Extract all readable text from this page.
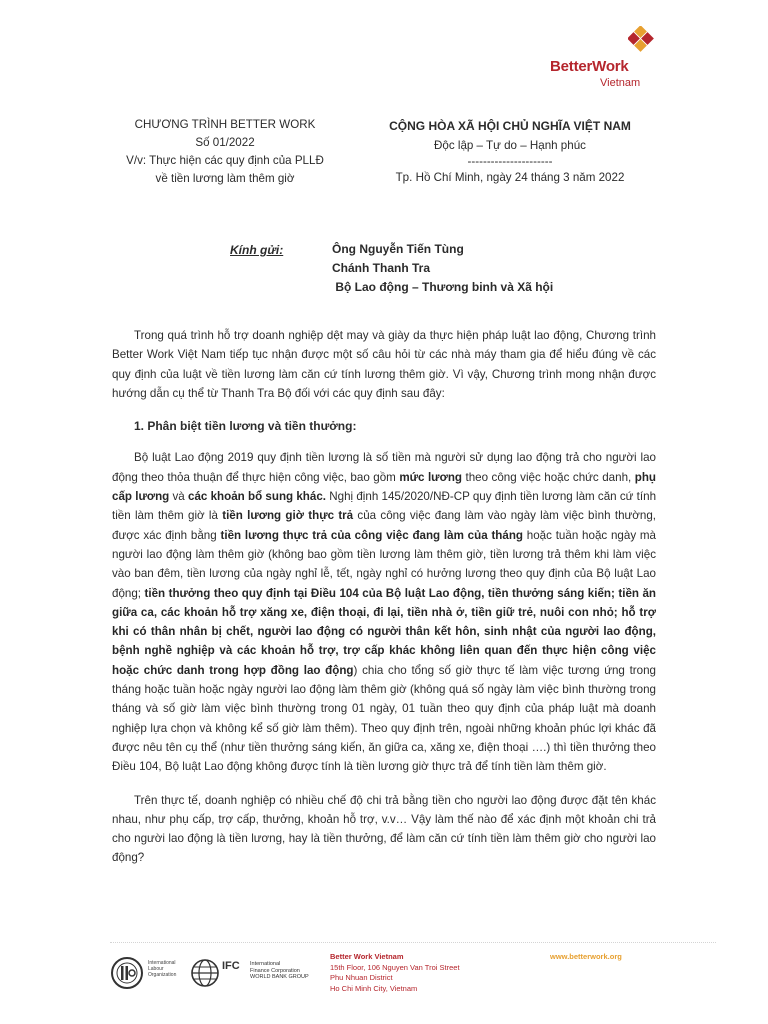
BetterWork
Vietnam
CHƯƠNG TRÌNH BETTER WORK
Số 01/2022
V/v: Thực hiện các quy định của PLLĐ
về tiền lương làm thêm giờ
CỘNG HÒA XÃ HỘI CHỦ NGHĨA VIỆT NAM
Độc lập – Tự do – Hạnh phúc
----------------------
Tp. Hồ Chí Minh, ngày 24 tháng 3 năm 2022
Kính gửi:	Ông Nguyễn Tiến Tùng
Chánh Thanh Tra
Bộ Lao động – Thương binh và Xã hội

Trong quá trình hỗ trợ doanh nghiệp dệt may và giày da thực hiện pháp luật lao động, Chương trình Better Work Việt Nam tiếp tục nhận được một số câu hỏi từ các nhà máy tham gia để hiểu đúng về các quy định của luật về tiền lương làm căn cứ tính lương thêm giờ. Vì vậy, Chương trình mong nhận được hướng dẫn cụ thể từ Thanh Tra Bộ đối với các quy định sau đây:

1. Phân biệt tiền lương và tiền thưởng:

Bộ luật Lao động 2019 quy định tiền lương là số tiền mà người sử dụng lao động trả cho người lao động theo thỏa thuận để thực hiện công việc, bao gồm mức lương theo công việc hoặc chức danh, phụ cấp lương và các khoản bổ sung khác. Nghị định 145/2020/NĐ-CP quy định tiền lương làm căn cứ tính tiền làm thêm giờ là tiền lương giờ thực trả của công việc đang làm vào ngày làm việc bình thường, được xác định bằng tiền lương thực trả của công việc đang làm của tháng hoặc tuần hoặc ngày mà người lao động làm thêm giờ (không bao gồm tiền lương làm thêm giờ, tiền lương trả thêm khi làm việc vào ban đêm, tiền lương của ngày nghỉ lễ, tết, ngày nghỉ có hưởng lương theo quy định của Bộ luật Lao động; tiền thưởng theo quy định tại Điều 104 của Bộ luật Lao động, tiền thưởng sáng kiến; tiền ăn giữa ca, các khoản hỗ trợ xăng xe, điện thoại, đi lại, tiền nhà ở, tiền giữ trẻ, nuôi con nhỏ; hỗ trợ khi có thân nhân bị chết, người lao động có người thân kết hôn, sinh nhật của người lao động, bệnh nghề nghiệp và các khoản hỗ trợ, trợ cấp khác không liên quan đến thực hiện công việc hoặc chức danh trong hợp đồng lao động) chia cho tổng số giờ thực tế làm việc tương ứng trong tháng hoặc tuần hoặc ngày người lao động làm thêm giờ (không quá số ngày làm việc bình thường trong tháng và số giờ làm việc bình thường trong 01 ngày, 01 tuần theo quy định của pháp luật mà doanh nghiệp lựa chọn và không kể số giờ làm thêm). Theo quy định trên, ngoài những khoản phúc lợi khác đã được nêu tên cụ thể (như tiền thưởng sáng kiến, ăn giữa ca, xăng xe, điện thoại ….) thì tiền thưởng theo Điều 104, Bộ luật Lao động không được tính là tiền lương giờ thực trả để tính tiền làm thêm giờ.

Trên thực tế, doanh nghiệp có nhiều chế độ chi trả bằng tiền cho người lao động được đặt tên khác nhau, như phụ cấp, trợ cấp, thưởng, khoản hỗ trợ, v.v… Vậy làm thế nào để xác định một khoản chi trả cho người lao động là tiền lương, hay là tiền thưởng, để làm căn cứ tính tiền làm thêm giờ cho người lao động?

International Labour Organization
IFC International
Finance Corporation
WORLD BANK GROUP
Better Work Vietnam
15th Floor, 106 Nguyen Van Troi Street
Phu Nhuan District
Ho Chi Minh City, Vietnam
www.betterwork.org
